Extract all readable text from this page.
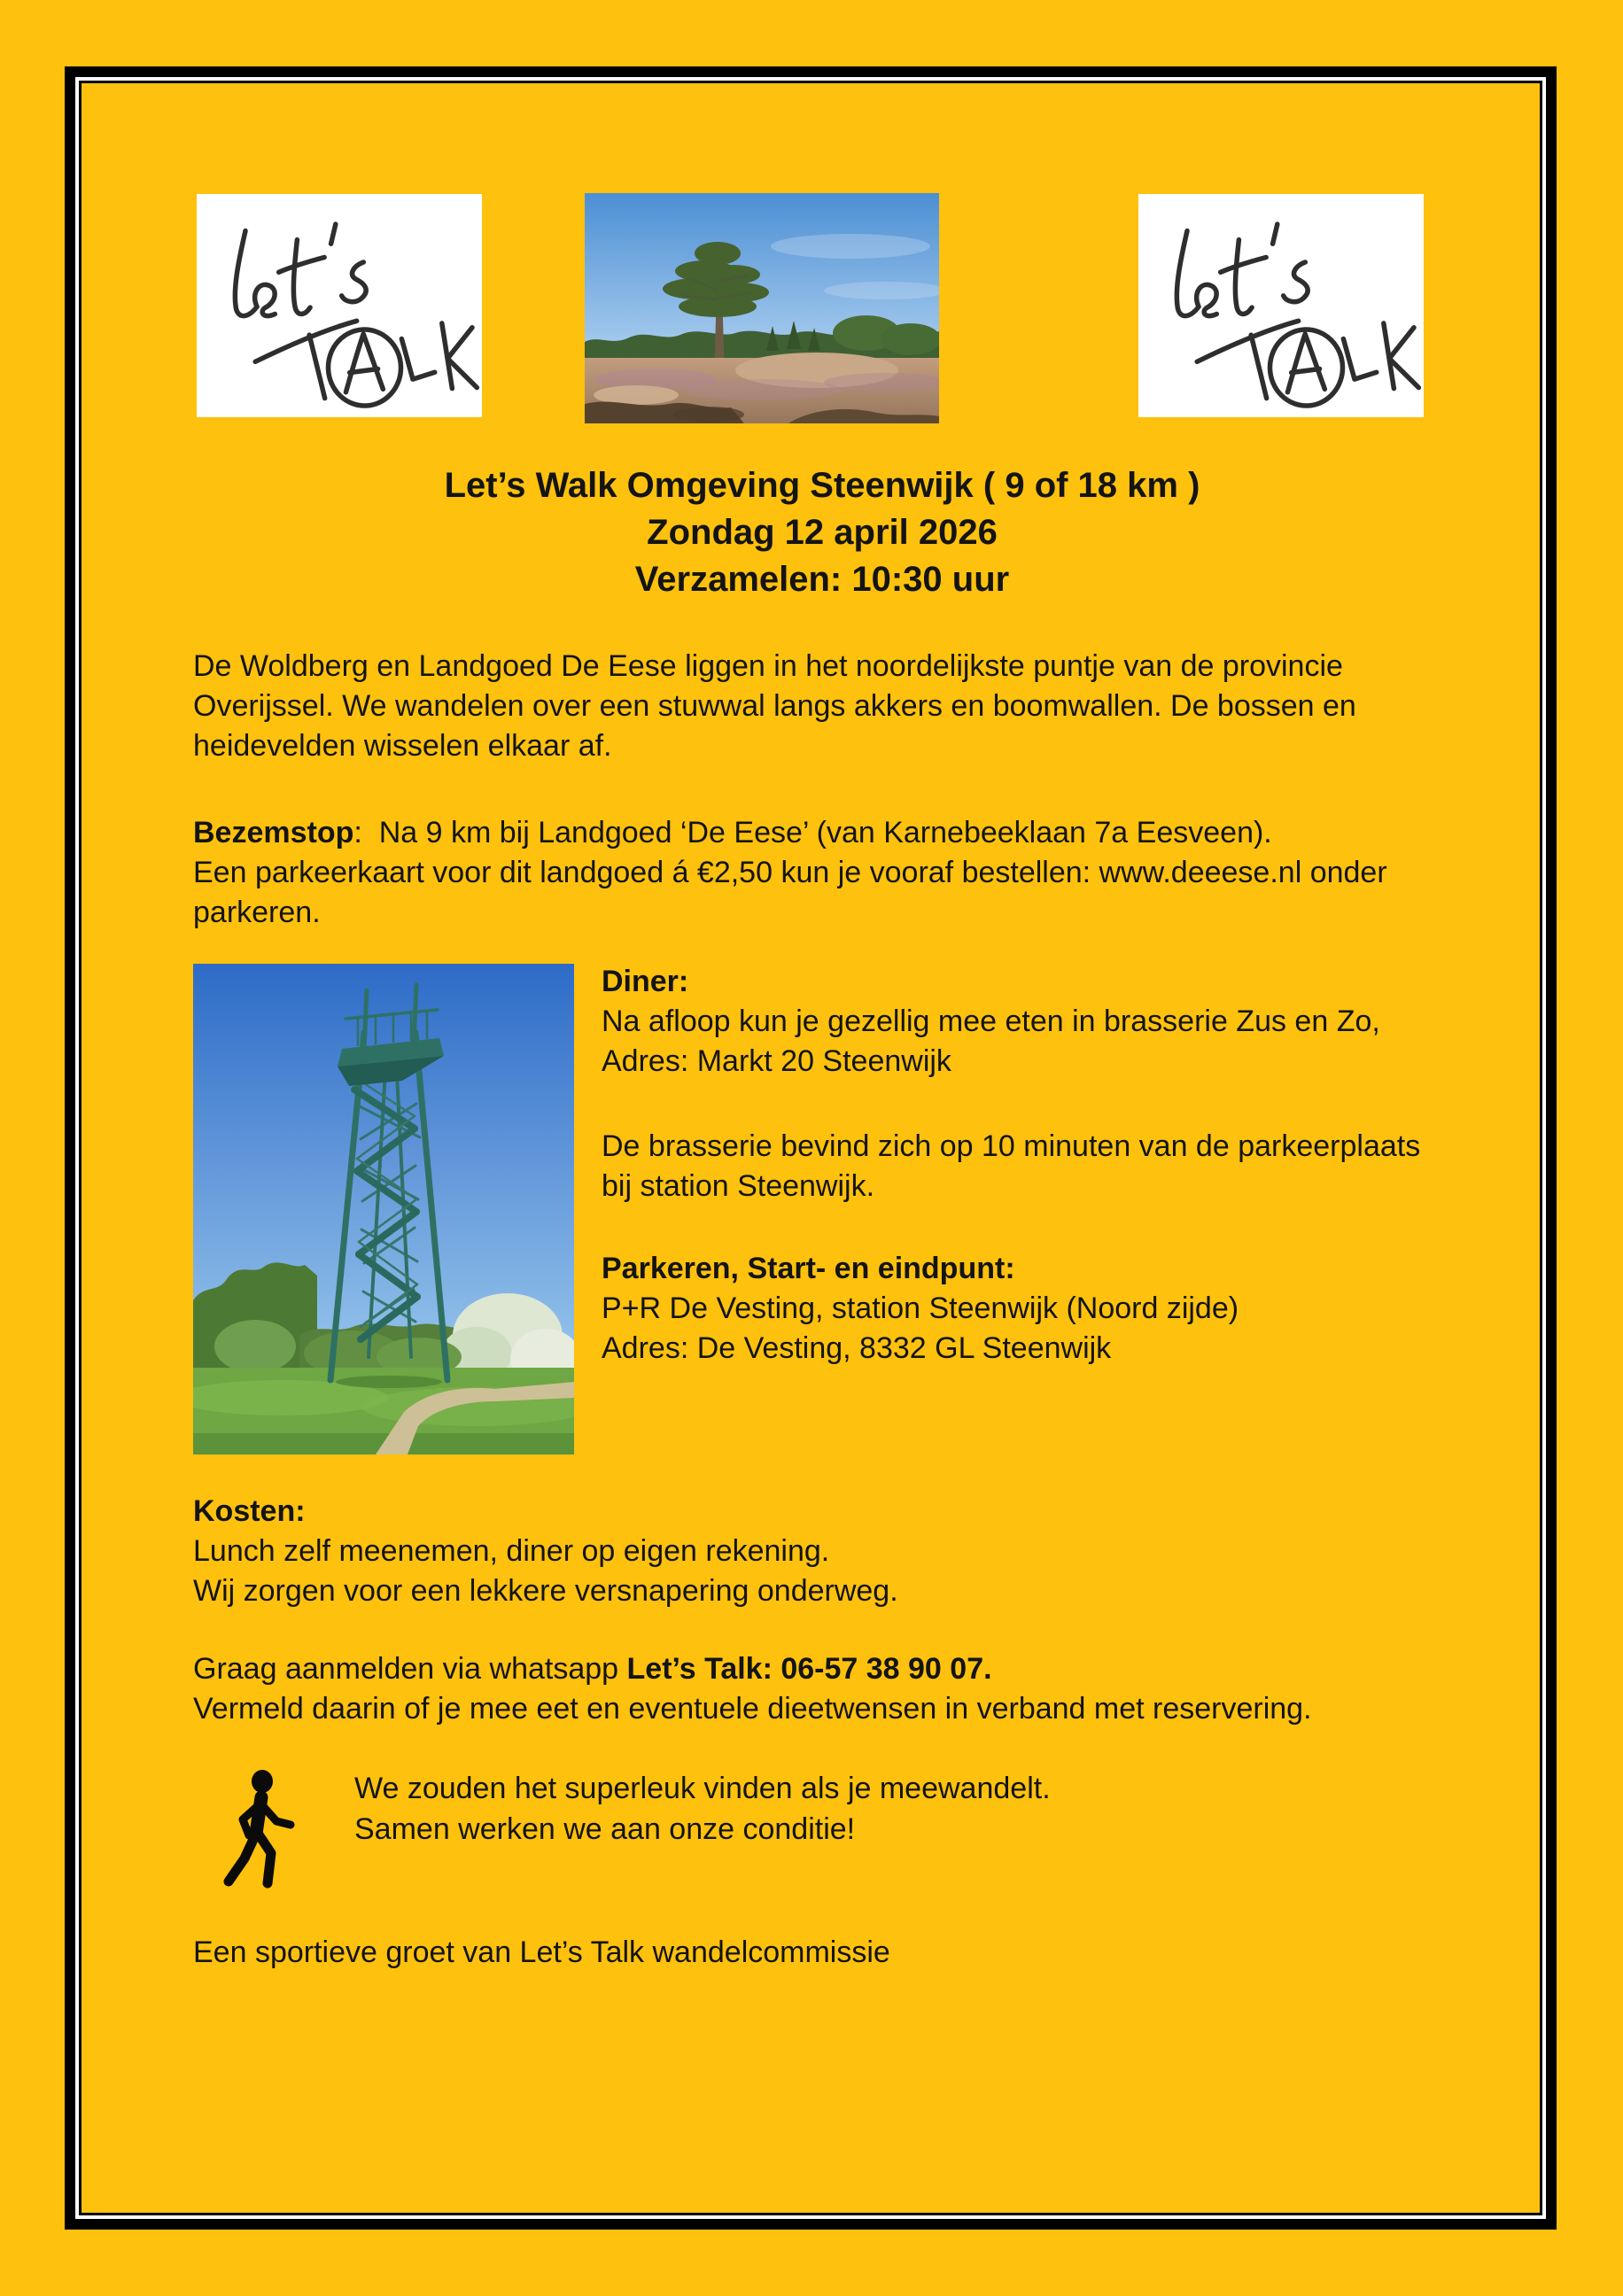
Let’s Walk Omgeving Steenwijk ( 9 of 18 km )
Zondag 12 april 2026
Verzamelen: 10:30 uur
De Woldberg en Landgoed De Eese liggen in het noordelijkste puntje van de provincie
Overijssel. We wandelen over een stuwwal langs akkers en boomwallen. De bossen en
heidevelden wisselen elkaar af.
Bezemstop:  Na 9 km bij Landgoed ‘De Eese’ (van Karnebeeklaan 7a Eesveen).
Een parkeerkaart voor dit landgoed á €2,50 kun je vooraf bestellen: www.deeese.nl onder
parkeren.
Diner:
Na afloop kun je gezellig mee eten in brasserie Zus en Zo,
Adres: Markt 20 Steenwijk
De brasserie bevind zich op 10 minuten van de parkeerplaats
bij station Steenwijk.
Parkeren, Start- en eindpunt:
P+R De Vesting, station Steenwijk (Noord zijde)
Adres: De Vesting, 8332 GL Steenwijk
Kosten:
Lunch zelf meenemen, diner op eigen rekening.
Wij zorgen voor een lekkere versnapering onderweg.
Graag aanmelden via whatsapp Let’s Talk: 06-57 38 90 07.
Vermeld daarin of je mee eet en eventuele dieetwensen in verband met reservering.
We zouden het superleuk vinden als je meewandelt.
Samen werken we aan onze conditie!
Een sportieve groet van Let’s Talk wandelcommissie
